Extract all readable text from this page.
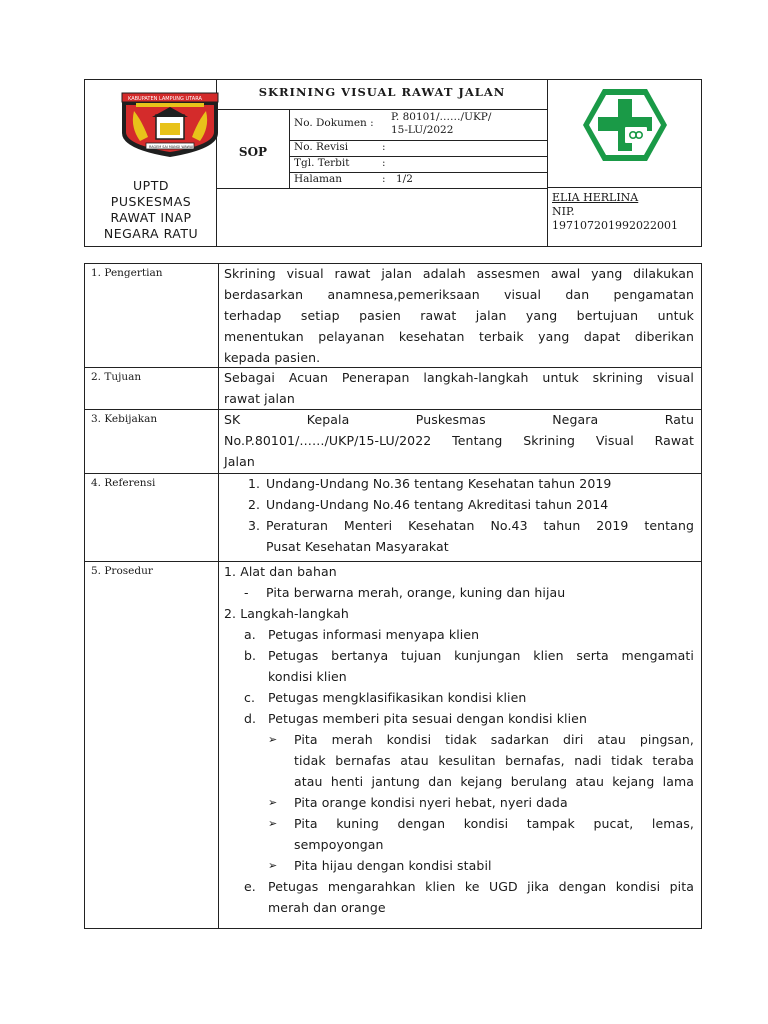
KABUPATEN LAMPUNG UTARA
RAGEM SAI MANGI WAWAI
UPTD
PUSKESMAS
RAWAT INAP
NEGARA RATU
SKRINING VISUAL RAWAT JALAN
SOP
No. Dokumen : P. 80101/……/UKP/
15-LU/2022
No. Revisi	:
Tgl. Terbit	:
Halaman	: 1/2
ELIA HERLINA
NIP.
197107201992022001
1. Pengertian	Skrining visual rawat jalan adalah assesmen awal yang dilakukan
berdasarkan anamnesa,pemeriksaan visual dan pengamatan
terhadap setiap pasien rawat jalan yang bertujuan untuk
menentukan pelayanan kesehatan terbaik yang dapat diberikan
kepada pasien.
2. Tujuan	Sebagai Acuan Penerapan langkah-langkah untuk skrining visual
rawat jalan
3. Kebijakan	SK Kepala Puskesmas Negara Ratu
No.P.80101/……/UKP/15-LU/2022 Tentang Skrining Visual Rawat
Jalan
4. Referensi	1. Undang-Undang No.36 tentang Kesehatan tahun 2019
2. Undang-Undang No.46 tentang Akreditasi tahun 2014
3. Peraturan Menteri Kesehatan No.43 tahun 2019 tentang
Pusat Kesehatan Masyarakat
5. Prosedur	1. Alat dan bahan
- Pita berwarna merah, orange, kuning dan hijau
2. Langkah-langkah
a. Petugas informasi menyapa klien
b. Petugas bertanya tujuan kunjungan klien serta mengamati
kondisi klien
c. Petugas mengklasifikasikan kondisi klien
d. Petugas memberi pita sesuai dengan kondisi klien
➢	Pita merah kondisi tidak sadarkan diri atau pingsan,
tidak bernafas atau kesulitan bernafas, nadi tidak teraba
atau henti jantung dan kejang berulang atau kejang lama
➢	Pita orange kondisi nyeri hebat, nyeri dada
➢	Pita kuning dengan kondisi tampak pucat, lemas,
sempoyongan
➢	Pita hijau dengan kondisi stabil
e. Petugas mengarahkan klien ke UGD jika dengan kondisi pita
merah dan orange
